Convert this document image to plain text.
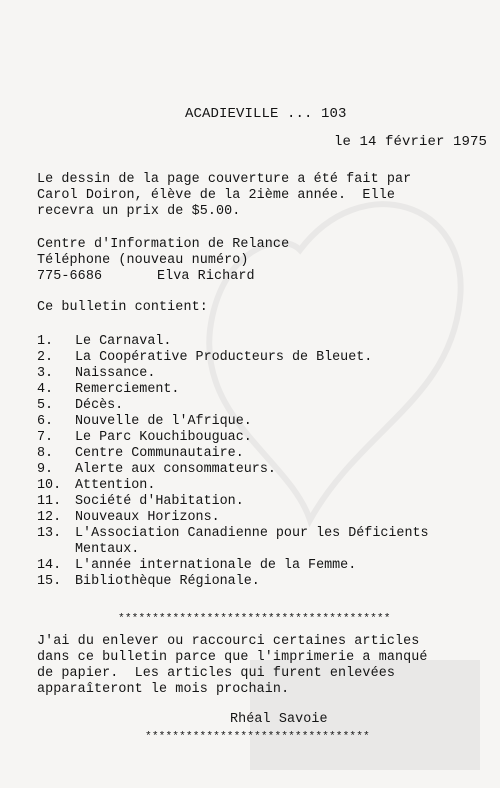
ACADIEVILLE ... 103
le 14 février 1975
Le dessin de la page couverture a été fait par
Carol Doiron, élève de la 2ième année.  Elle
recevra un prix de $5.00.
Centre d'Information de Relance
Téléphone (nouveau numéro)
775-6686	Elva Richard
Ce bulletin contient:
1. Le Carnaval.
2. La Coopérative Producteurs de Bleuet.
3. Naissance.
4. Remerciement.
5. Décès.
6. Nouvelle de l'Afrique.
7. Le Parc Kouchibouguac.
8. Centre Communautaire.
9. Alerte aux consommateurs.
10. Attention.
11. Société d'Habitation.
12. Nouveaux Horizons.
13. L'Association Canadienne pour les Déficients
Mentaux.
14. L'année internationale de la Femme.
15. Bibliothèque Régionale.
****************************************
J'ai du enlever ou raccourci certaines articles
dans ce bulletin parce que l'imprimerie a manqué
de papier.  Les articles qui furent enlevées
apparaîteront le mois prochain.
Rhéal Savoie
*********************************
